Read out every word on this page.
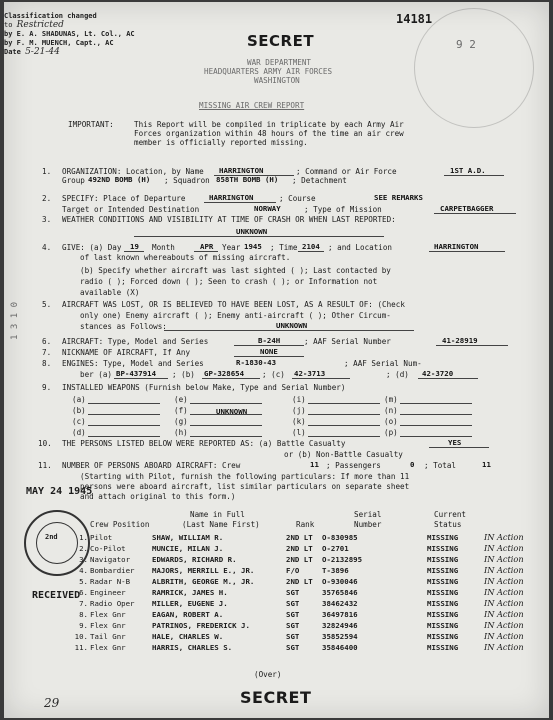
Classification changed
to Restricted
by E. A. SHADUNAS, Lt. Col., AC
by F. M. MUENCH, Capt., AC
Date 5-21-44
14181
9 2
SECRET
WAR DEPARTMENT
HEADQUARTERS ARMY AIR FORCES
WASHINGTON
MISSING AIR CREW REPORT
IMPORTANT:	This Report will be compiled in triplicate by each Army Air
Forces organization within 48 hours of the time an air crew
member is officially reported missing.
1. ORGANIZATION: Location, by Name HARRINGTON	; Command or Air Force	1ST A.D.
Group 492ND BOMB (H) ; Squadron 858TH BOMB (H) ; Detachment
2. SPECIFY: Place of Departure	HARRINGTON	; Course	SEE REMARKS
Target or Intended Destination	NORWAY	; Type of Mission	CARPETBAGGER
3. WEATHER CONDITIONS AND VISIBILITY AT TIME OF CRASH OR WHEN LAST REPORTED:
UNKNOWN
4. GIVE: (a) Day 19 Month	APR Year 1945 ; Time 2104 ; and Location	HARRINGTON
of last known whereabouts of missing aircraft.
(b) Specify whether aircraft was last sighted ( ); Last contacted by
radio ( ); Forced down ( ); Seen to crash ( ); or Information not
available (X)
5. AIRCRAFT WAS LOST, OR IS BELIEVED TO HAVE BEEN LOST, AS A RESULT OF: (Check
only one) Enemy aircraft ( ); Enemy anti-aircraft ( ); Other Circum-
stances as Follows:	UNKNOWN
6. AIRCRAFT: Type, Model and Series	B-24H	; AAF Serial Number	41-28919
7. NICKNAME OF AIRCRAFT, If Any	NONE
8. ENGINES: Type, Model and Series	R-1830-43	; AAF Serial Num-
ber (a) BP-437914 ; (b) GP-328654 ; (c) 42-3713	; (d) 42-3720
9. INSTALLED WEAPONS (Furnish below Make, Type and Serial Number)
(a)
(b)
(c)
(d)
(e)
(f)
(g)
(h)
(i)
(j)
(k)
(l)
(m)
(n)
(o)
(p)
UNKNOWN
10. THE PERSONS LISTED BELOW WERE REPORTED AS: (a) Battle Casualty	YES
or (b) Non-Battle Casualty
11. NUMBER OF PERSONS ABOARD AIRCRAFT: Crew	11 ; Passengers	0 ; Total	11
(Starting with Pilot, furnish the following particulars: If more than 11
persons were aboard aircraft, list similar particulars on separate sheet
and attach original to this form.)
MAY 24 1945
1 3 1 0
2nd
RECEIVED
Crew Position
Name in Full
(Last Name First)	Rank
Serial
Number
Current
Status
1. Pilot	SHAW, WILLIAM R.	2ND LT O-830985	MISSING	IN Action
2. Co-Pilot	MUNCIE, MILAN J.	2ND LT O-2701	MISSING	IN Action
3. Navigator	EDWARDS, RICHARD R.	2ND LT O-2132895	MISSING	IN Action
4. Bombardier MAJORS, MERRILL E., JR.	F/O	T-3896	MISSING	IN Action
5. Radar N-B	ALBRITH, GEORGE M., JR.	2ND LT O-930046	MISSING	IN Action
6. Engineer	RAMRICK, JAMES H.	SGT	35765846	MISSING	IN Action
7. Radio Oper MILLER, EUGENE J.	SGT	38462432	MISSING	IN Action
8. Flex Gnr	EAGAN, ROBERT A.	SGT	36497816	MISSING	IN Action
9. Flex Gnr	PATRINOS, FREDERICK J.	SGT	32824946	MISSING	IN Action
10. Tail Gnr	HALE, CHARLES W.	SGT	35852594	MISSING	IN Action
11. Flex Gnr	HARRIS, CHARLES S.	SGT	35846400	MISSING	IN Action
(Over)
SECRET
29
